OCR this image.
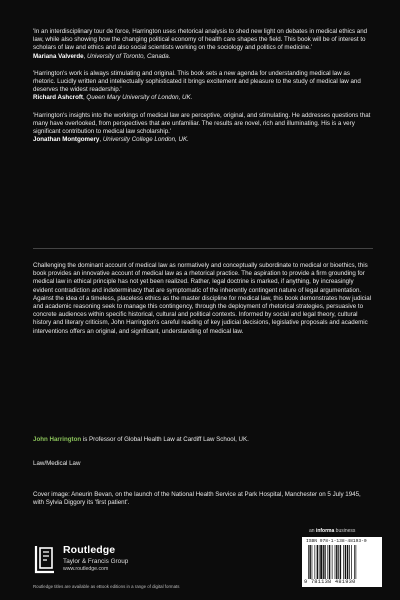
'In an interdisciplinary tour de force, Harrington uses rhetorical analysis to shed new light on debates in medical ethics and law, while also showing how the changing political economy of health care shapes the field. This book will be of interest to scholars of law and ethics and also social scientists working on the sociology and politics of medicine.'
Mariana Valverde, University of Toronto, Canada.
'Harrington's work is always stimulating and original. This book sets a new agenda for understanding medical law as rhetoric. Lucidly written and intellectually sophisticated it brings excitement and pleasure to the study of medical law and deserves the widest readership.'
Richard Ashcroft, Queen Mary University of London, UK.
'Harrington's insights into the workings of medical law are perceptive, original, and stimulating. He addresses questions that many have overlooked, from perspectives that are unfamiliar. The results are novel, rich and illuminating. His is a very significant contribution to medical law scholarship.'
Jonathan Montgomery, University College London, UK.

Challenging the dominant account of medical law as normatively and conceptually subordinate to medical or bioethics, this book provides an innovative account of medical law as a rhetorical practice. The aspiration to provide a firm grounding for medical law in ethical principle has not yet been realized. Rather, legal doctrine is marked, if anything, by increasingly evident contradiction and indeterminacy that are symptomatic of the inherently contingent nature of legal argumentation. Against the idea of a timeless, placeless ethics as the master discipline for medical law, this book demonstrates how judicial and academic reasoning seek to manage this contingency, through the deployment of rhetorical strategies, persuasive to concrete audiences within specific historical, cultural and political contexts. Informed by social and legal theory, cultural history and literary criticism, John Harrington's careful reading of key judicial decisions, legislative proposals and academic interventions offers an original, and significant, understanding of medical law.

John Harrington is Professor of Global Health Law at Cardiff Law School, UK.

Law/Medical Law

Cover image: Aneurin Bevan, on the launch of the National Health Service at Park Hospital, Manchester on 5 July 1945, with Sylvia Diggory its 'first patient'.

an informa business
Routledge
Taylor & Francis Group
www.routledge.com
Routledge titles are available as eBook editions in a range of digital formats
ISBN 978-1-138-48193-0
9 781138 481930
